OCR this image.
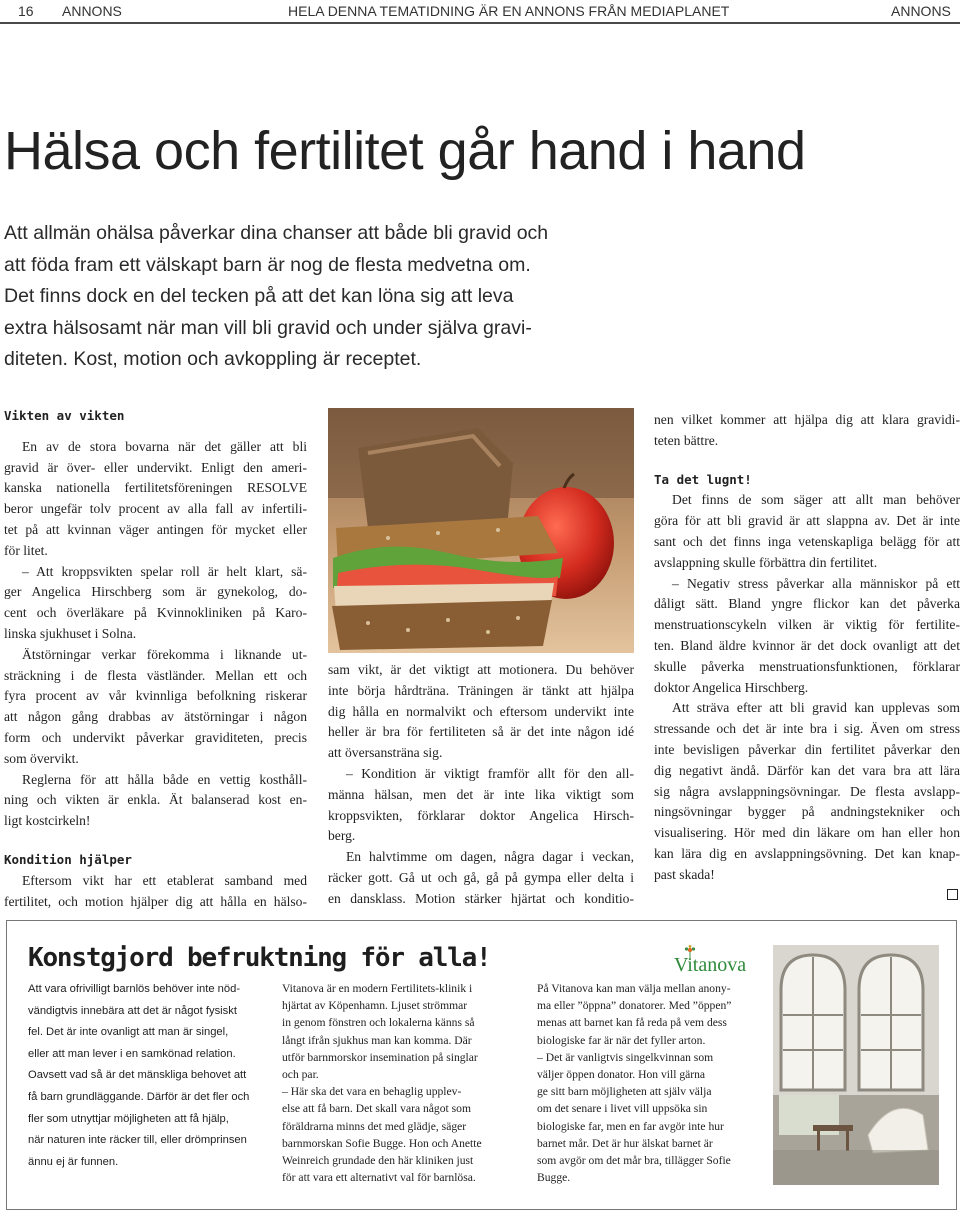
16 ANNONS	HELA DENNA TEMATIDNING ÄR EN ANNONS FRÅN MEDIAPLANET	ANNONS
Hälsa och fertilitet går hand i hand
Att allmän ohälsa påverkar dina chanser att både bli gravid och
att föda fram ett välskapt barn är nog de flesta medvetna om.
Det finns dock en del tecken på att det kan löna sig att leva
extra hälsosamt när man vill bli gravid och under själva gravi-
diteten. Kost, motion och avkoppling är receptet.
Vikten av vikten
En av de stora bovarna när det gäller att bli
gravid är över- eller undervikt. Enligt den ameri-
kanska nationella fertilitetsföreningen RESOLVE
beror ungefär tolv procent av alla fall av infertili-
tet på att kvinnan väger antingen för mycket eller
för litet.
– Att kroppsvikten spelar roll är helt klart, sä-
ger Angelica Hirschberg som är gynekolog, do-
cent och överläkare på Kvinnokliniken på Karo-
linska sjukhuset i Solna.
Ätstörningar verkar förekomma i liknande ut-
sträckning i de flesta västländer. Mellan ett och
fyra procent av vår kvinnliga befolkning riskerar
att någon gång drabbas av ätstörningar i någon
form och undervikt påverkar graviditeten, precis
som övervikt.
Reglerna för att hålla både en vettig kosthåll-
ning och vikten är enkla. Ät balanserad kost en-
ligt kostcirkeln!
Kondition hjälper
Eftersom vikt har ett etablerat samband med
fertilitet, och motion hjälper dig att hålla en hälso-
sam vikt, är det viktigt att motionera. Du behöver
inte börja hårdträna. Träningen är tänkt att hjälpa
dig hålla en normalvikt och eftersom undervikt inte
heller är bra för fertiliteten så är det inte någon idé
att översansträna sig.
– Kondition är viktigt framför allt för den all-
männa hälsan, men det är inte lika viktigt som
kroppsvikten, förklarar doktor Angelica Hirsch-
berg.
En halvtimme om dagen, några dagar i veckan,
räcker gott. Gå ut och gå, gå på gympa eller delta i
en dansklass. Motion stärker hjärtat och konditio-
nen vilket kommer att hjälpa dig att klara gravidi-
teten bättre.
Ta det lugnt!
Det finns de som säger att allt man behöver
göra för att bli gravid är att slappna av. Det är inte
sant och det finns inga vetenskapliga belägg för att
avslappning skulle förbättra din fertilitet.
– Negativ stress påverkar alla människor på ett
dåligt sätt. Bland yngre flickor kan det påverka
menstruationscykeln vilken är viktig för fertilite-
ten. Bland äldre kvinnor är det dock ovanligt att det
skulle påverka menstruationsfunktionen, förklarar
doktor Angelica Hirschberg.
Att sträva efter att bli gravid kan upplevas som
stressande och det är inte bra i sig. Även om stress
inte bevisligen påverkar din fertilitet påverkar den
dig negativt ändå. Därför kan det vara bra att lära
sig några avslappningsövningar. De flesta avslapp-
ningsövningar bygger på andningstekniker och
visualisering. Hör med din läkare om han eller hon
kan lära dig en avslappningsövning. Det kan knap-
past skada!
Konstgjord befruktning för alla!
Att vara ofrivilligt barnlös behöver inte nöd-
vändigtvis innebära att det är något fysiskt
fel. Det är inte ovanligt att man är singel,
eller att man lever i en samkönad relation.
Oavsett vad så är det mänskliga behovet att
få barn grundläggande. Därför är det fler och
fler som utnyttjar möjligheten att få hjälp,
när naturen inte räcker till, eller drömprinsen
ännu ej är funnen.
Vitanova är en modern Fertilitets-klinik i
hjärtat av Köpenhamn. Ljuset strömmar
in genom fönstren och lokalerna känns så
långt ifrån sjukhus man kan komma. Där
utför barnmorskor insemination på singlar
och par.
– Här ska det vara en behaglig upplev-
else att få barn. Det skall vara något som
föräldrarna minns det med glädje, säger
barnmorskan Sofie Bugge. Hon och Anette
Weinreich grundade den här kliniken just
för att vara ett alternativt val för barnlösa.
På Vitanova kan man välja mellan anony-
ma eller ”öppna” donatorer. Med ”öppen”
menas att barnet kan få reda på vem dess
biologiske far är när det fyller arton.
– Det är vanligtvis singelkvinnan som
väljer öppen donator. Hon vill gärna
ge sitt barn möjligheten att själv välja
om det senare i livet vill uppsöka sin
biologiske far, men en far avgör inte hur
barnet mår. Det är hur älskat barnet är
som avgör om det mår bra, tillägger Sofie
Bugge.
Vitanova
